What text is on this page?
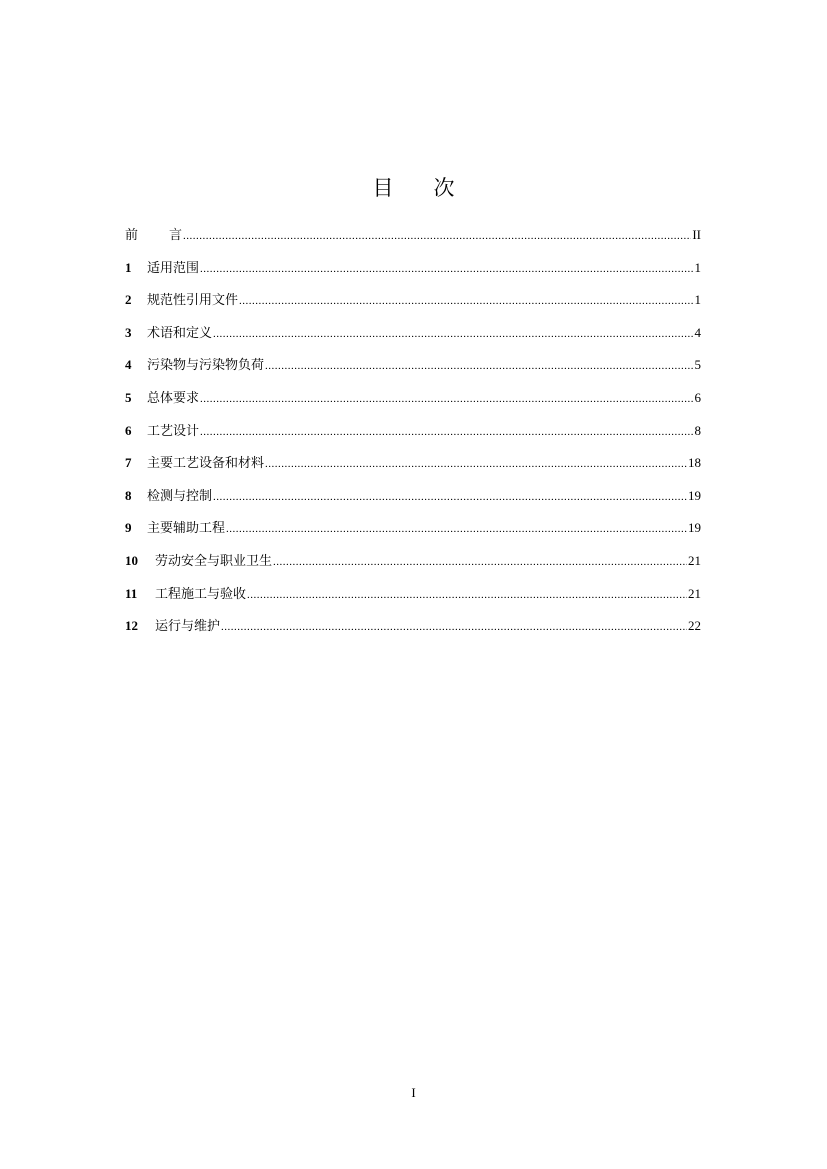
目 次
前 言 .....	II
1	适用范围 .....	1
2	规范性引用文件 .....	1
3	术语和定义 .....	4
4	污染物与污染物负荷 .....	5
5	总体要求 .....	6
6	工艺设计 .....	8
7	主要工艺设备和材料 .....	18
8	检测与控制 .....	19
9	主要辅助工程 .....	19
10	劳动安全与职业卫生 .....	21
11	工程施工与验收 .....	21
12	运行与维护 .....	22
I
